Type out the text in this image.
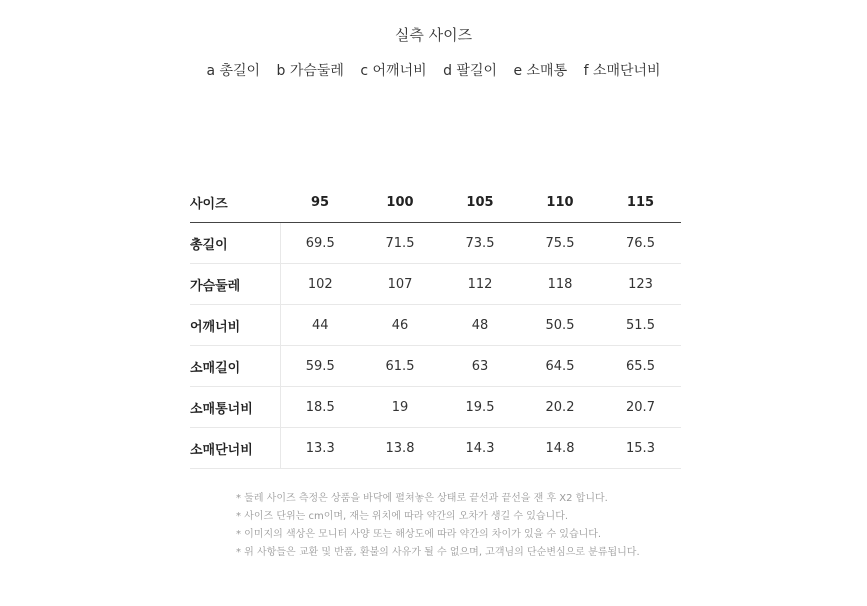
실측 사이즈
a 총길이 b 가슴둘레 c 어깨너비 d 팔길이 e 소매통 f 소매단너비
사이즈	95	100	105	110	115
총길이	69.5	71.5	73.5	75.5	76.5
가슴둘레	102	107	112	118	123
어깨너비	44	46	48	50.5	51.5
소매길이	59.5	61.5	63	64.5	65.5
소매통너비	18.5	19	19.5	20.2	20.7
소매단너비	13.3	13.8	14.3	14.8	15.3
* 둘레 사이즈 측정은 상품을 바닥에 펼쳐놓은 상태로 끝선과 끝선을 잰 후 X2 합니다.
* 사이즈 단위는 cm이며, 재는 위치에 따라 약간의 오차가 생길 수 있습니다.
* 이미지의 색상은 모니터 사양 또는 해상도에 따라 약간의 차이가 있을 수 있습니다.
* 위 사항들은 교환 및 반품, 환불의 사유가 될 수 없으며, 고객님의 단순변심으로 분류됩니다.
